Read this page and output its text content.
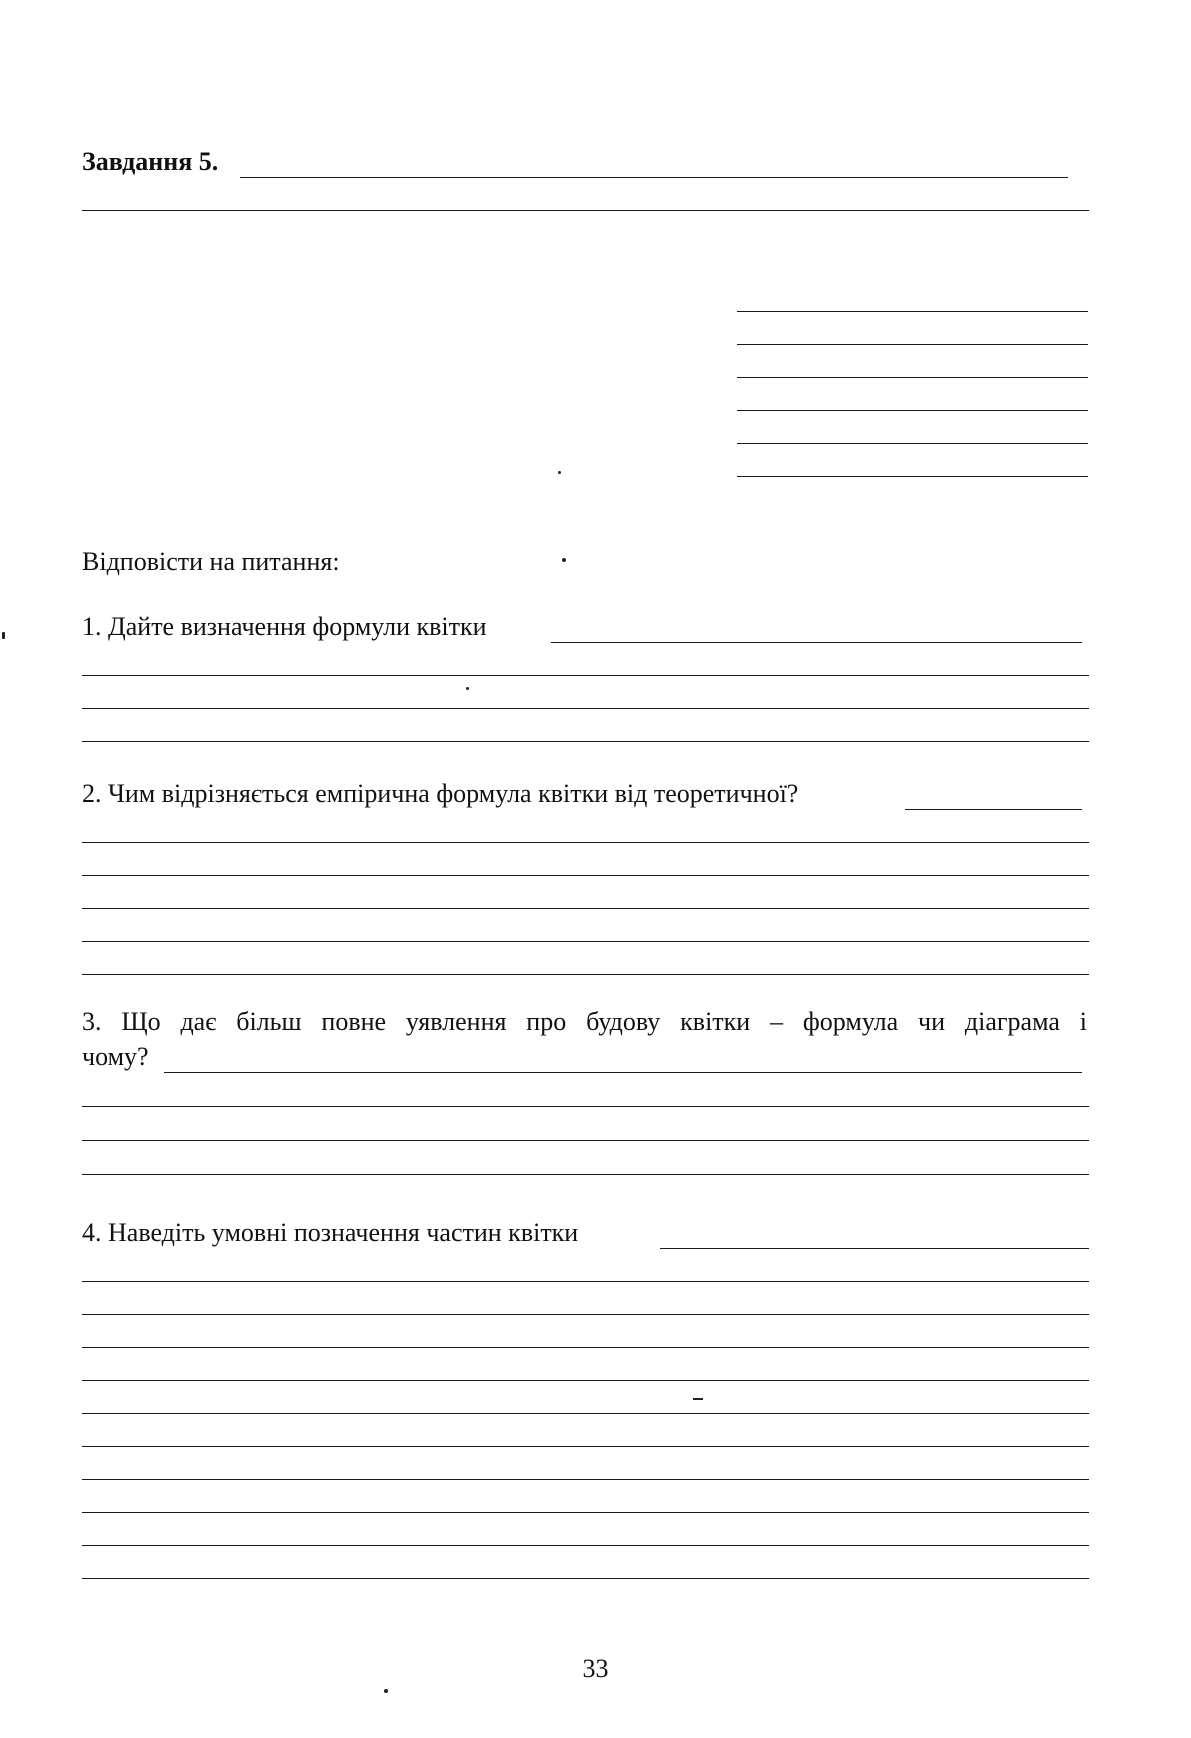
Завдання 5.
Відповісти на питання:
1. Дайте визначення формули квітки
2. Чим відрізняється емпірична формула квітки від теоретичної?
3. Що дає більш повне уявлення про будову квітки – формула чи діаграма і
чому?
4. Наведіть умовні позначення частин квітки
33
